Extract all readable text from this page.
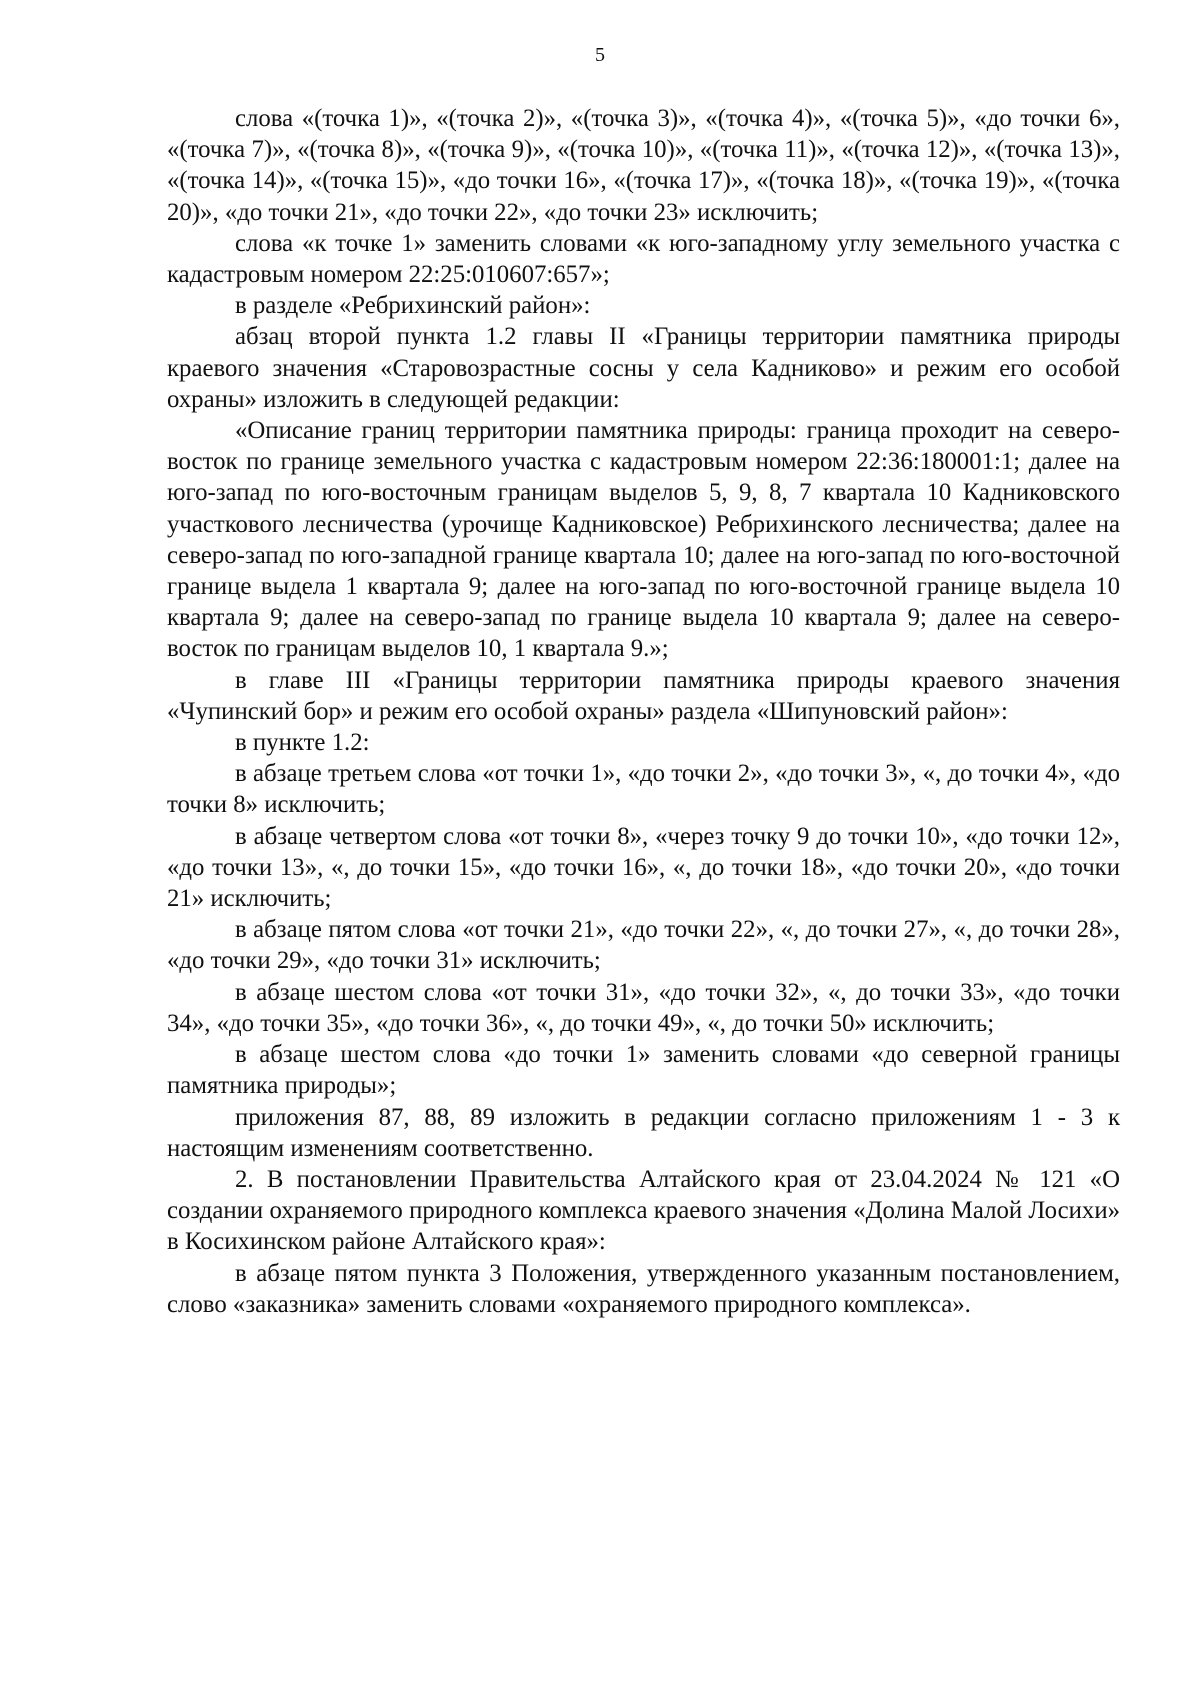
5

слова «(точка 1)», «(точка 2)», «(точка 3)», «(точка 4)», «(точка 5)», «до точки 6», «(точка 7)», «(точка 8)», «(точка 9)», «(точка 10)», «(точка 11)», «(точка 12)», «(точка 13)», «(точка 14)», «(точка 15)», «до точки 16», «(точка 17)», «(точка 18)», «(точка 19)», «(точка 20)», «до точки 21», «до точки 22», «до точки 23» исключить;

слова «к точке 1» заменить словами «к юго-западному углу земельного участка с кадастровым номером 22:25:010607:657»;

в разделе «Ребрихинский район»:

абзац второй пункта 1.2 главы II «Границы территории памятника природы краевого значения «Старовозрастные сосны у села Кадниково» и режим его особой охраны» изложить в следующей редакции:

«Описание границ территории памятника природы: граница проходит на северо-восток по границе земельного участка с кадастровым номером 22:36:180001:1; далее на юго-запад по юго-восточным границам выделов 5, 9, 8, 7 квартала 10 Кадниковского участкового лесничества (урочище Кадниковское) Ребрихинского лесничества; далее на северо-запад по юго-западной границе квартала 10; далее на юго-запад по юго-восточной границе выдела 1 квартала 9; далее на юго-запад по юго-восточной границе выдела 10 квартала 9; далее на северо-запад по границе выдела 10 квартала 9; далее на северо-восток по границам выделов 10, 1 квартала 9.»;

в главе III «Границы территории памятника природы краевого значения «Чупинский бор» и режим его особой охраны» раздела «Шипуновский район»:

в пункте 1.2:

в абзаце третьем слова «от точки 1», «до точки 2», «до точки 3», «, до точки 4», «до точки 8» исключить;

в абзаце четвертом слова «от точки 8», «через точку 9 до точки 10», «до точки 12», «до точки 13», «, до точки 15», «до точки 16», «, до точки 18», «до точки 20», «до точки 21» исключить;

в абзаце пятом слова «от точки 21», «до точки 22», «, до точки 27», «, до точки 28», «до точки 29», «до точки 31» исключить;

в абзаце шестом слова «от точки 31», «до точки 32», «, до точки 33», «до точки 34», «до точки 35», «до точки 36», «, до точки 49», «, до точки 50» исключить;

в абзаце шестом слова «до точки 1» заменить словами «до северной границы памятника природы»;

приложения 87, 88, 89 изложить в редакции согласно приложениям 1 - 3 к настоящим изменениям соответственно.

2. В постановлении Правительства Алтайского края от 23.04.2024 № 121 «О создании охраняемого природного комплекса краевого значения «Долина Малой Лосихи» в Косихинском районе Алтайского края»:

в абзаце пятом пункта 3 Положения, утвержденного указанным постановлением, слово «заказника» заменить словами «охраняемого природного комплекса».
